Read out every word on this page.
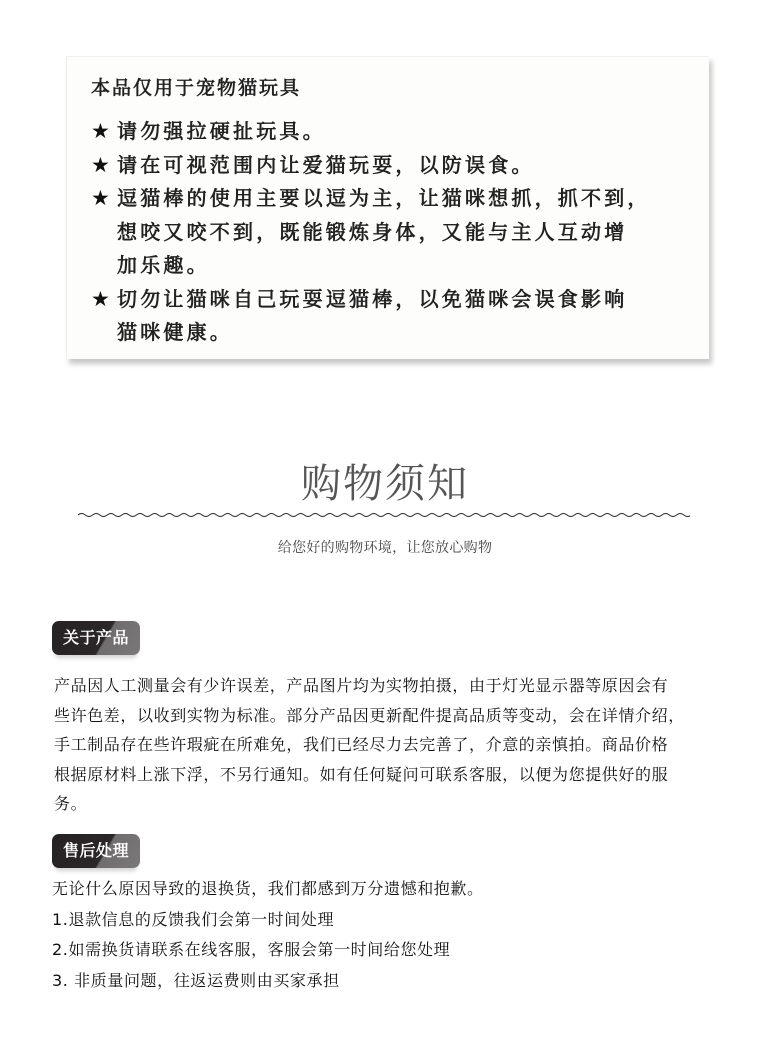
本品仅用于宠物猫玩具
★ 请勿强拉硬扯玩具。
★ 请在可视范围内让爱猫玩耍，以防误食。
★ 逗猫棒的使用主要以逗为主，让猫咪想抓，抓不到，
想咬又咬不到，既能锻炼身体，又能与主人互动增
加乐趣。
★ 切勿让猫咪自己玩耍逗猫棒，以免猫咪会误食影响
猫咪健康。
购物须知
给您好的购物环境，让您放心购物
关于产品
产品因人工测量会有少许误差，产品图片均为实物拍摄，由于灯光显示器等原因会有
些许色差，以收到实物为标准。部分产品因更新配件提高品质等变动，会在详情介绍，
手工制品存在些许瑕疵在所难免，我们已经尽力去完善了，介意的亲慎拍。商品价格
根据原材料上涨下浮，不另行通知。如有任何疑问可联系客服，以便为您提供好的服
务。
售后处理
无论什么原因导致的退换货，我们都感到万分遗憾和抱歉。
1.退款信息的反馈我们会第一时间处理
2.如需换货请联系在线客服，客服会第一时间给您处理
3. 非质量问题，往返运费则由买家承担
